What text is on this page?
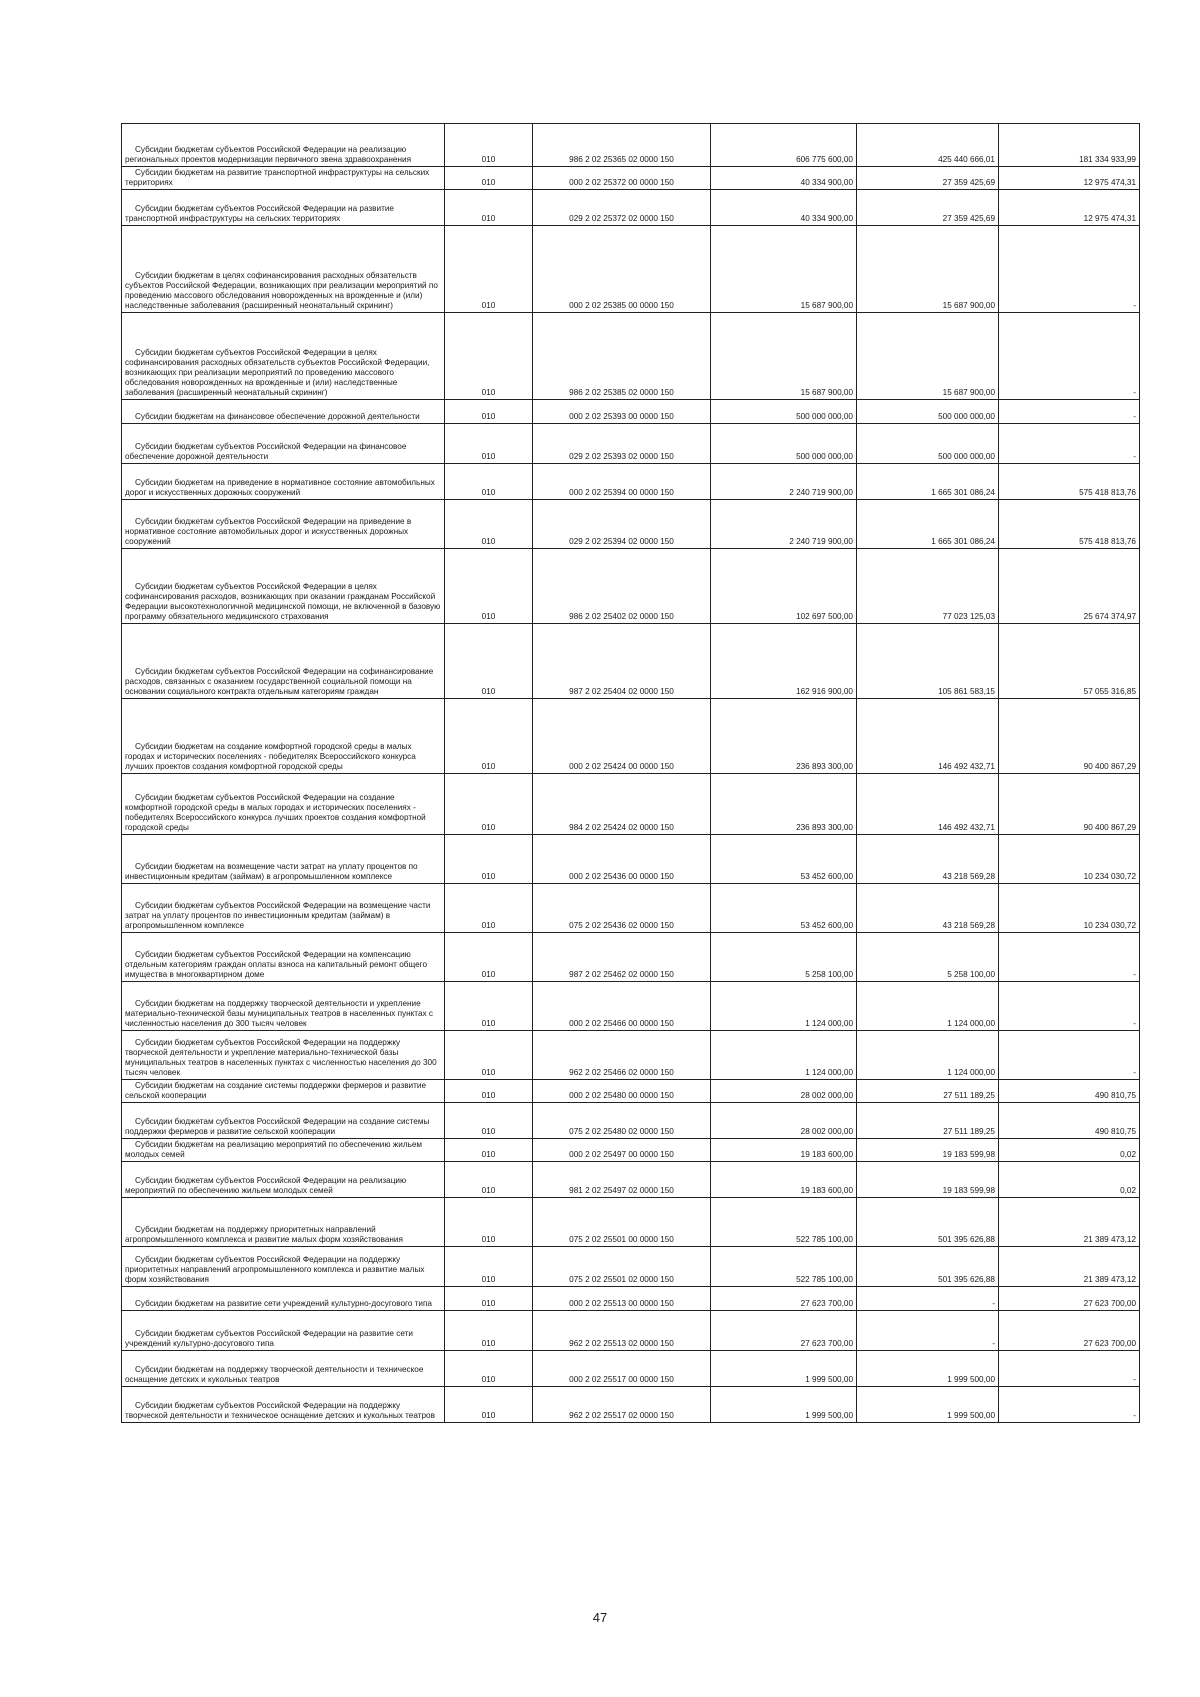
Субсидии бюджетам субъектов Российской Федерации на реализацию региональных проектов модернизации первичного звена здравоохранения	010	986 2 02 25365 02 0000 150	606 775 600,00	425 440 666,01	181 334 933,99
Субсидии бюджетам на развитие транспортной инфраструктуры на сельских территориях	010	000 2 02 25372 00 0000 150	40 334 900,00	27 359 425,69	12 975 474,31
Субсидии бюджетам субъектов Российской Федерации на развитие транспортной инфраструктуры на сельских территориях	010	029 2 02 25372 02 0000 150	40 334 900,00	27 359 425,69	12 975 474,31
Субсидии бюджетам в целях софинансирования расходных обязательств субъектов Российской Федерации, возникающих при реализации мероприятий по проведению массового обследования новорожденных на врожденные и (или) наследственные заболевания (расширенный неонатальный скрининг)	010	000 2 02 25385 00 0000 150	15 687 900,00	15 687 900,00	-
Субсидии бюджетам субъектов Российской Федерации в целях софинансирования расходных обязательств субъектов Российской Федерации, возникающих при реализации мероприятий по проведению массового обследования новорожденных на врожденные и (или) наследственные заболевания (расширенный неонатальный скрининг)	010	986 2 02 25385 02 0000 150	15 687 900,00	15 687 900,00	-
Субсидии бюджетам на финансовое обеспечение дорожной деятельности	010	000 2 02 25393 00 0000 150	500 000 000,00	500 000 000,00	-
Субсидии бюджетам субъектов Российской Федерации на финансовое обеспечение дорожной деятельности	010	029 2 02 25393 02 0000 150	500 000 000,00	500 000 000,00	-
Субсидии бюджетам на приведение в нормативное состояние автомобильных дорог и искусственных дорожных сооружений	010	000 2 02 25394 00 0000 150	2 240 719 900,00	1 665 301 086,24	575 418 813,76
Субсидии бюджетам субъектов Российской Федерации на приведение в нормативное состояние автомобильных дорог и искусственных дорожных сооружений	010	029 2 02 25394 02 0000 150	2 240 719 900,00	1 665 301 086,24	575 418 813,76
Субсидии бюджетам субъектов Российской Федерации в целях софинансирования расходов, возникающих при оказании гражданам Российской Федерации высокотехнологичной медицинской помощи, не включенной в базовую программу обязательного медицинского страхования	010	986 2 02 25402 02 0000 150	102 697 500,00	77 023 125,03	25 674 374,97
Субсидии бюджетам субъектов Российской Федерации на софинансирование расходов, связанных с оказанием государственной социальной помощи на основании социального контракта отдельным категориям граждан	010	987 2 02 25404 02 0000 150	162 916 900,00	105 861 583,15	57 055 316,85
Субсидии бюджетам на создание комфортной городской среды в малых городах и исторических поселениях - победителях Всероссийского конкурса лучших проектов создания комфортной городской среды	010	000 2 02 25424 00 0000 150	236 893 300,00	146 492 432,71	90 400 867,29
Субсидии бюджетам субъектов Российской Федерации на создание комфортной городской среды в малых городах и исторических поселениях - победителях Всероссийского конкурса лучших проектов создания комфортной городской среды	010	984 2 02 25424 02 0000 150	236 893 300,00	146 492 432,71	90 400 867,29
Субсидии бюджетам на возмещение части затрат на уплату процентов по инвестиционным кредитам (займам) в агропромышленном комплексе	010	000 2 02 25436 00 0000 150	53 452 600,00	43 218 569,28	10 234 030,72
Субсидии бюджетам субъектов Российской Федерации на возмещение части затрат на уплату процентов по инвестиционным кредитам (займам) в агропромышленном комплексе	010	075 2 02 25436 02 0000 150	53 452 600,00	43 218 569,28	10 234 030,72
Субсидии бюджетам субъектов Российской Федерации на компенсацию отдельным категориям граждан оплаты взноса на капитальный ремонт общего имущества в многоквартирном доме	010	987 2 02 25462 02 0000 150	5 258 100,00	5 258 100,00	-
Субсидии бюджетам на поддержку творческой деятельности и укрепление материально-технической базы муниципальных театров в населенных пунктах с численностью населения до 300 тысяч человек	010	000 2 02 25466 00 0000 150	1 124 000,00	1 124 000,00	-
Субсидии бюджетам субъектов Российской Федерации на поддержку творческой деятельности и укрепление материально-технической базы муниципальных театров в населенных пунктах с численностью населения до 300 тысяч человек	010	962 2 02 25466 02 0000 150	1 124 000,00	1 124 000,00	-
Субсидии бюджетам на создание системы поддержки фермеров и развитие сельской кооперации	010	000 2 02 25480 00 0000 150	28 002 000,00	27 511 189,25	490 810,75
Субсидии бюджетам субъектов Российской Федерации на создание системы поддержки фермеров и развитие сельской кооперации	010	075 2 02 25480 02 0000 150	28 002 000,00	27 511 189,25	490 810,75
Субсидии бюджетам на реализацию мероприятий по обеспечению жильем молодых семей	010	000 2 02 25497 00 0000 150	19 183 600,00	19 183 599,98	0,02
Субсидии бюджетам субъектов Российской Федерации на реализацию мероприятий по обеспечению жильем молодых семей	010	981 2 02 25497 02 0000 150	19 183 600,00	19 183 599,98	0,02
Субсидии бюджетам на поддержку приоритетных направлений агропромышленного комплекса и развитие малых форм хозяйствования	010	075 2 02 25501 00 0000 150	522 785 100,00	501 395 626,88	21 389 473,12
Субсидии бюджетам субъектов Российской Федерации на поддержку приоритетных направлений агропромышленного комплекса и развитие малых форм хозяйствования	010	075 2 02 25501 02 0000 150	522 785 100,00	501 395 626,88	21 389 473,12
Субсидии бюджетам на развитие сети учреждений культурно-досугового типа	010	000 2 02 25513 00 0000 150	27 623 700,00	-	27 623 700,00
Субсидии бюджетам субъектов Российской Федерации на развитие сети учреждений культурно-досугового типа	010	962 2 02 25513 02 0000 150	27 623 700,00	-	27 623 700,00
Субсидии бюджетам на поддержку творческой деятельности и техническое оснащение детских и кукольных театров	010	000 2 02 25517 00 0000 150	1 999 500,00	1 999 500,00	-
Субсидии бюджетам субъектов Российской Федерации на поддержку творческой деятельности и техническое оснащение детских и кукольных театров	010	962 2 02 25517 02 0000 150	1 999 500,00	1 999 500,00	-
47
